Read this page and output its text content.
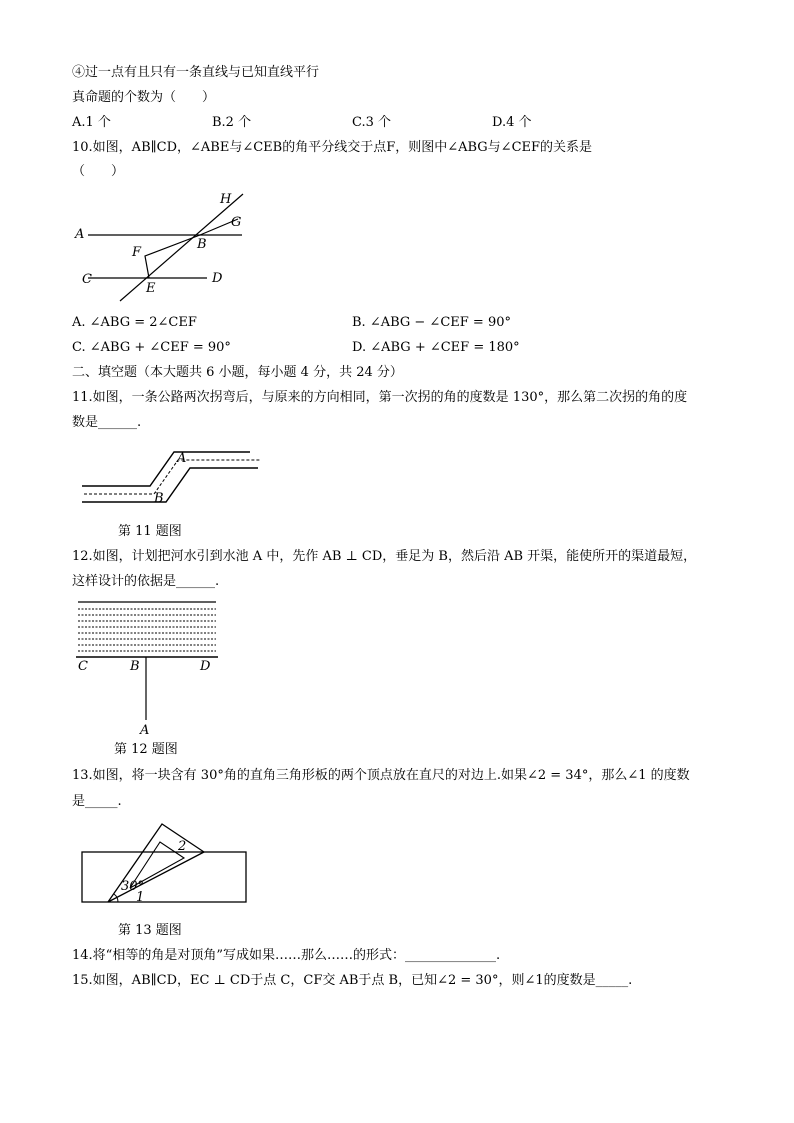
④过一点有且只有一条直线与已知直线平行
真命题的个数为（　　）
A.1 个	B.2 个	C.3 个	D.4 个
10.如图，AB∥CD，∠ABE与∠CEB的角平分线交于点F，则图中∠ABG与∠CEF的关系是
（　　）
A
B
C	D
E
F
G
H
A. ∠ABG = 2∠CEF	B. ∠ABG − ∠CEF = 90°
C. ∠ABG + ∠CEF = 90°	D. ∠ABG + ∠CEF = 180°
二、填空题（本大题共 6 小题，每小题 4 分，共 24 分）
11.如图，一条公路两次拐弯后，与原来的方向相同，第一次拐的角的度数是 130°，那么第二次拐的角的度
数是______.
A
B
第 11 题图
12.如图，计划把河水引到水池 A 中，先作 AB ⊥ CD，垂足为 B，然后沿 AB 开渠，能使所开的渠道最短，
这样设计的依据是______.
C	B	D
A
第 12 题图
13.如图，将一块含有 30°角的直角三角形板的两个顶点放在直尺的对边上.如果∠2 = 34°，那么∠1 的度数
是_____.
30°
1
2
第 13 题图
14.将“相等的角是对顶角”写成如果……那么……的形式：______________.
15.如图，AB∥CD，EC ⊥ CD于点 C，CF交 AB于点 B，已知∠2 = 30°，则∠1的度数是_____.
